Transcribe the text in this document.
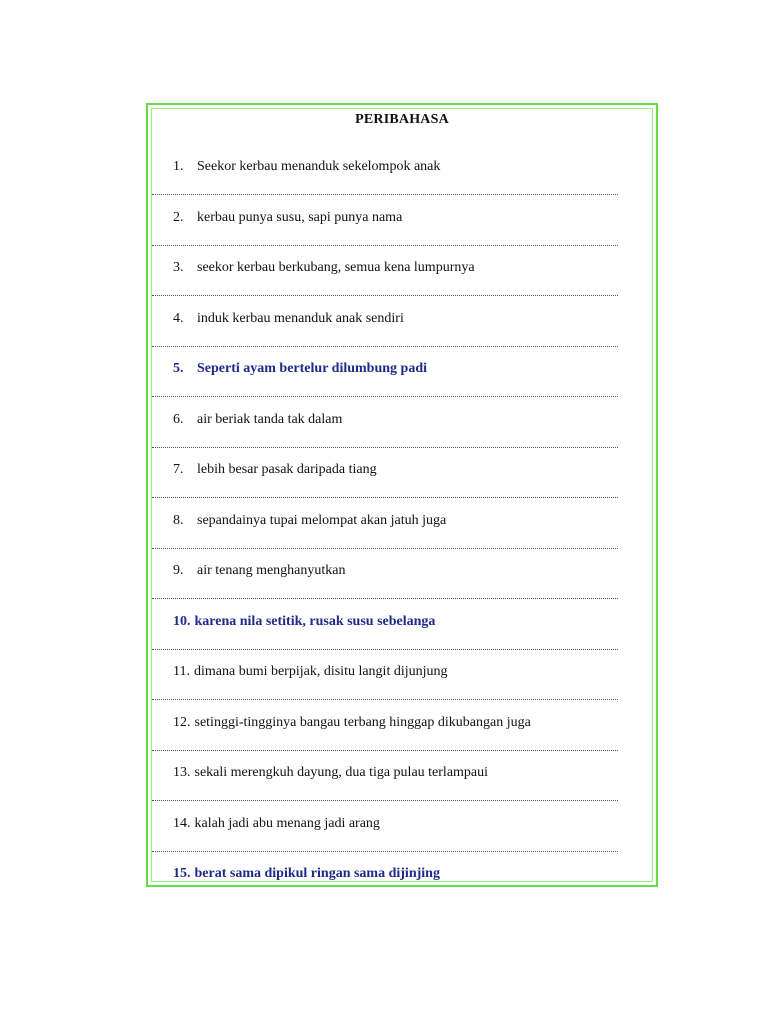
PERIBAHASA
1. Seekor kerbau menanduk sekelompok anak
2. kerbau punya susu, sapi punya nama
3. seekor kerbau berkubang, semua kena lumpurnya
4. induk kerbau menanduk anak sendiri
5. Seperti ayam bertelur dilumbung padi
6. air beriak tanda tak dalam
7. lebih besar pasak daripada tiang
8. sepandainya tupai melompat akan jatuh juga
9. air tenang menghanyutkan
10. karena nila setitik, rusak susu sebelanga
11. dimana bumi berpijak, disitu langit dijunjung
12. setinggi-tingginya bangau terbang hinggap dikubangan juga
13. sekali merengkuh dayung, dua tiga pulau terlampaui
14. kalah jadi abu menang jadi arang
15. berat sama dipikul ringan sama dijinjing
